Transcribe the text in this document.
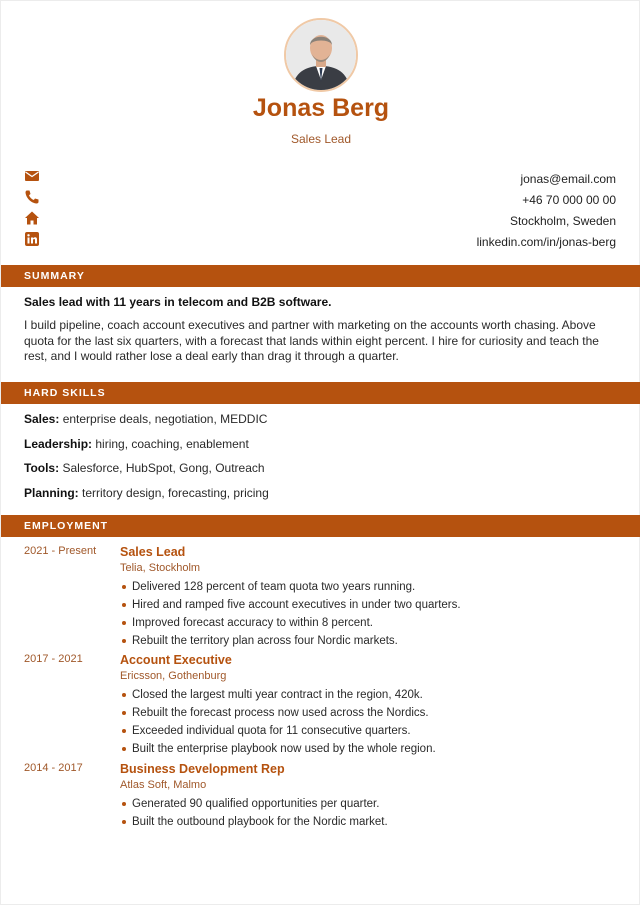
Jonas Berg
Sales Lead
jonas@email.com
+46 70 000 00 00
Stockholm, Sweden
linkedin.com/in/jonas-berg
SUMMARY
Sales lead with 11 years in telecom and B2B software.
I build pipeline, coach account executives and partner with marketing on the accounts worth chasing. Above quota for the last six quarters, with a forecast that lands within eight percent. I hire for curiosity and teach the rest, and I would rather lose a deal early than drag it through a quarter.
HARD SKILLS
Sales: enterprise deals, negotiation, MEDDIC
Leadership: hiring, coaching, enablement
Tools: Salesforce, HubSpot, Gong, Outreach
Planning: territory design, forecasting, pricing
EMPLOYMENT
2021 - Present Sales Lead
Telia, Stockholm
Delivered 128 percent of team quota two years running.
Hired and ramped five account executives in under two quarters.
Improved forecast accuracy to within 8 percent.
Rebuilt the territory plan across four Nordic markets.
2017 - 2021	Account Executive
Ericsson, Gothenburg
Closed the largest multi year contract in the region, 420k.
Rebuilt the forecast process now used across the Nordics.
Exceeded individual quota for 11 consecutive quarters.
Built the enterprise playbook now used by the whole region.
2014 - 2017	Business Development Rep
Atlas Soft, Malmo
Generated 90 qualified opportunities per quarter.
Built the outbound playbook for the Nordic market.
